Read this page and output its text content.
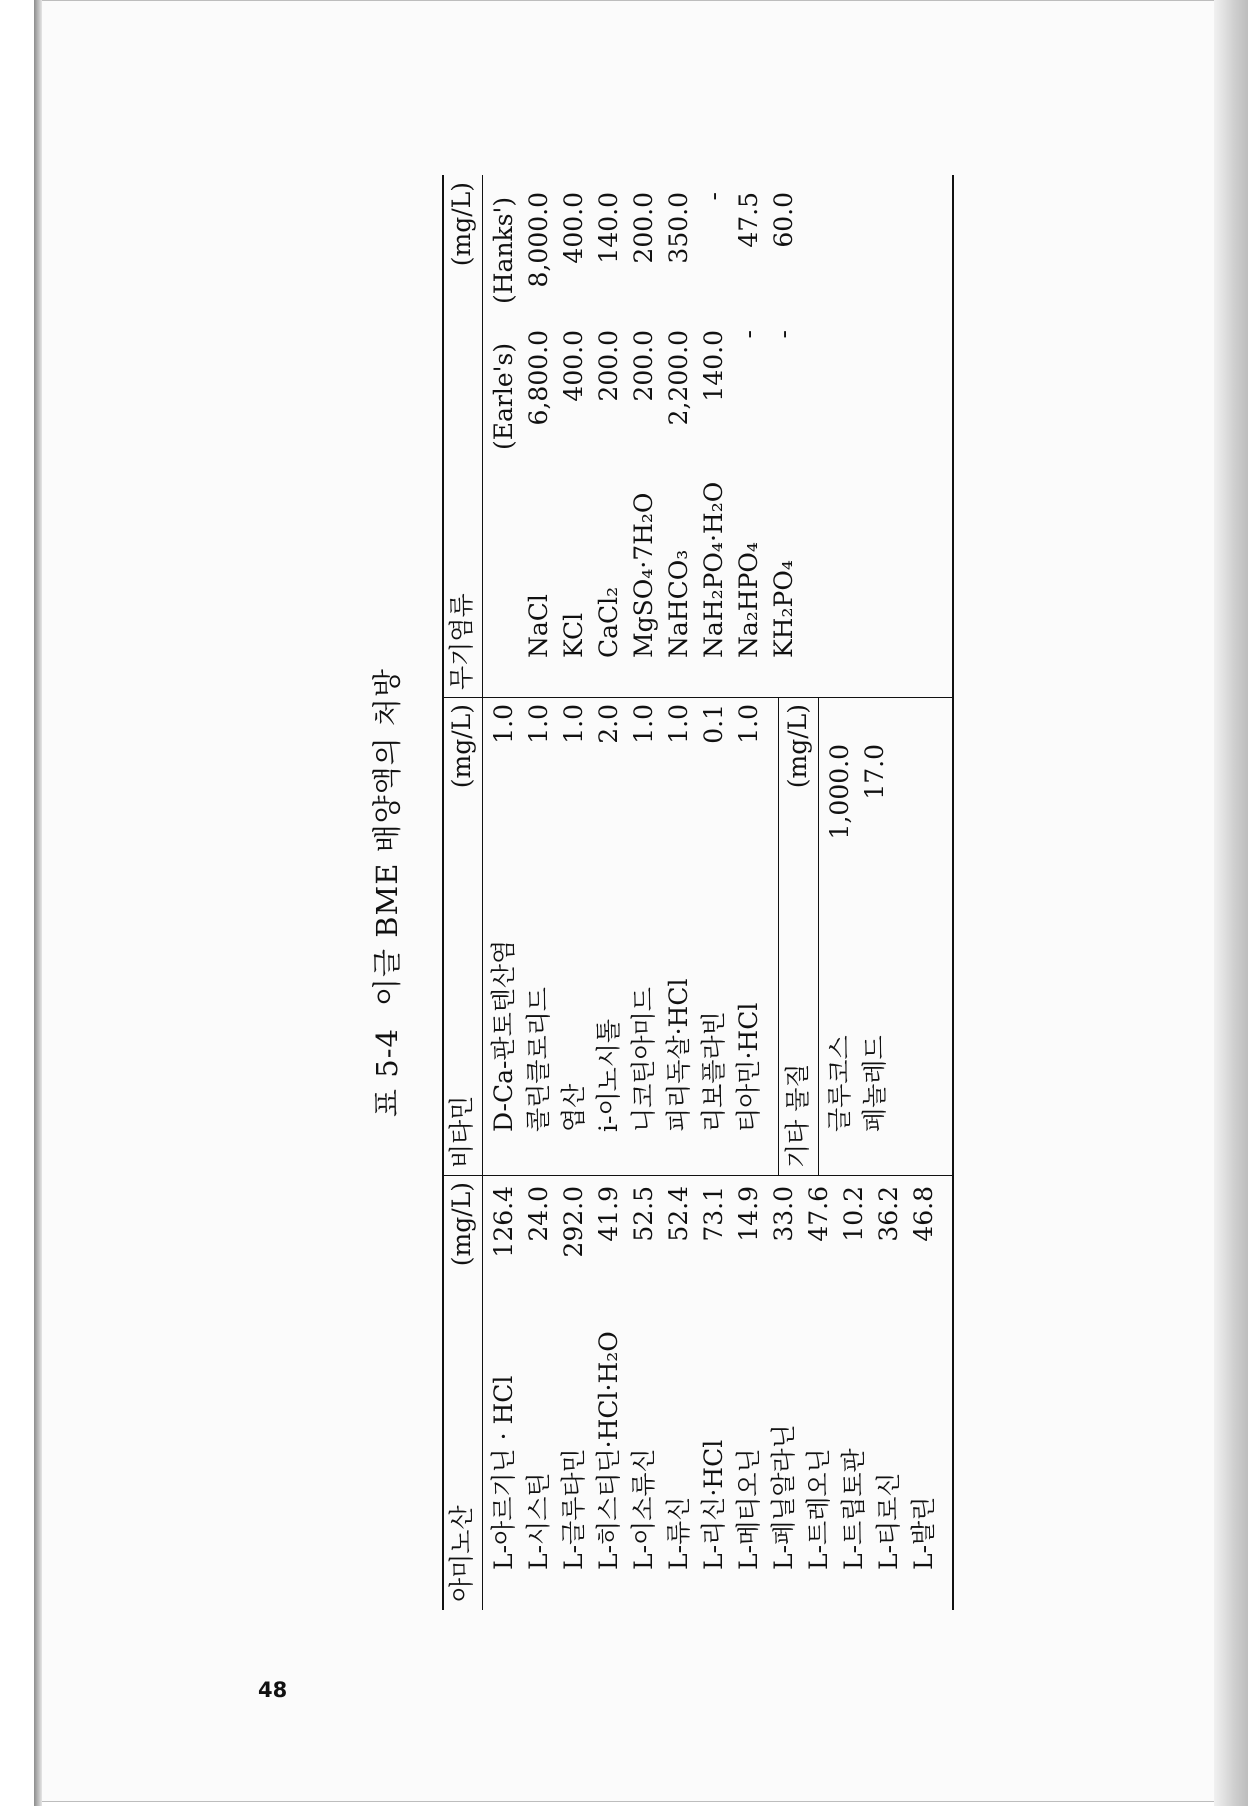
48
표 5-4이글 BME 배양액의 처방
아미노산
(mg/L)
비타민
(mg/L)
무기염류
(mg/L)
(Earle's)
(Hanks')
기타 물질
(mg/L)
L-아르기닌 · HCl
126.4
L-시스틴
24.0
L-글루타민
292.0
L-히스티딘·HCl·H₂O
41.9
L-이소류신
52.5
L-류신
52.4
L-리신·HCl
73.1
L-메티오닌
14.9
L-페닐알라닌
33.0
L-트레오닌
47.6
L-트립토판
10.2
L-티로신
36.2
L-발린
46.8
D-Ca-판토텐산염
1.0
콜린클로리드
1.0
엽산
1.0
i-이노시톨
2.0
니코틴아미드
1.0
피리독살·HCl
1.0
리보플라빈
0.1
티아민·HCl
1.0
글루코스
1,000.0
페놀레드
17.0
NaCl
6,800.0
8,000.0
KCl
400.0
400.0
CaCl₂
200.0
140.0
MgSO₄·7H₂O
200.0
200.0
NaHCO₃
2,200.0
350.0
NaH₂PO₄·H₂O
140.0
-
Na₂HPO₄
-
47.5
KH₂PO₄
-
60.0
